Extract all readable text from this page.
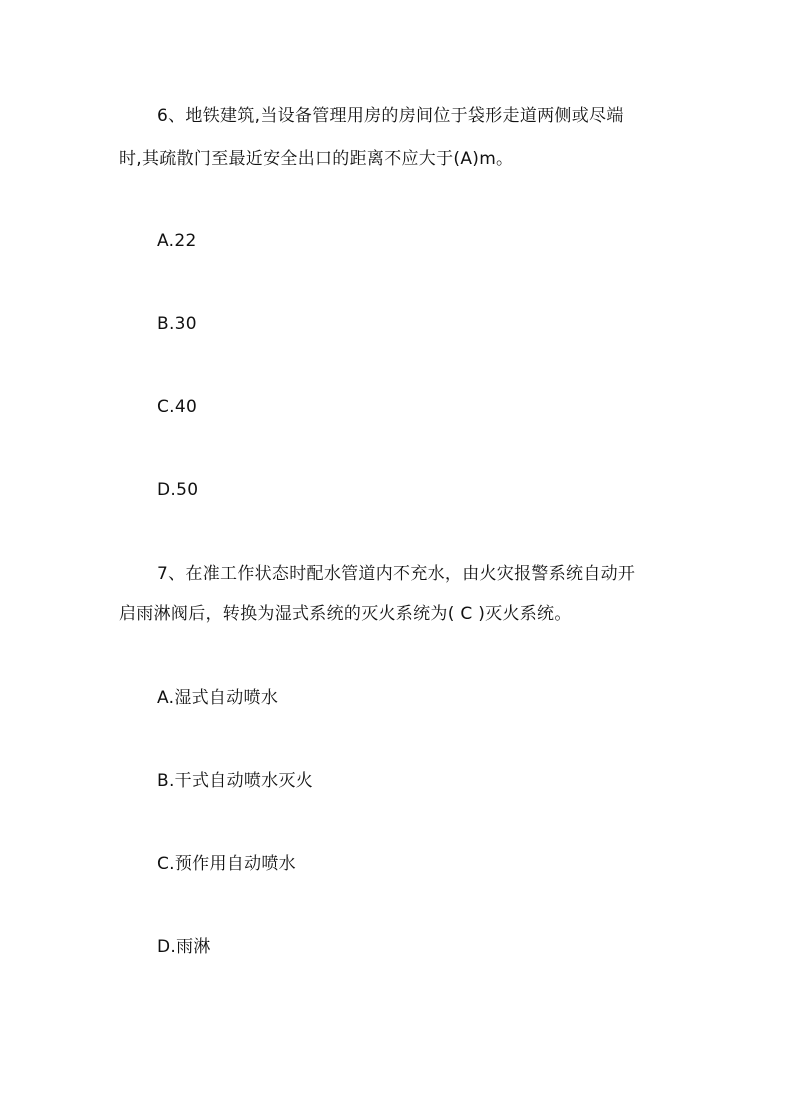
6、地铁建筑,当设备管理用房的房间位于袋形走道两侧或尽端
时,其疏散门至最近安全出口的距离不应大于(A)m。
A.22
B.30
C.40
D.50
7、在准工作状态时配水管道内不充水，由火灾报警系统自动开
启雨淋阀后，转换为湿式系统的灭火系统为( C )灭火系统。
A.湿式自动喷水
B.干式自动喷水灭火
C.预作用自动喷水
D.雨淋
